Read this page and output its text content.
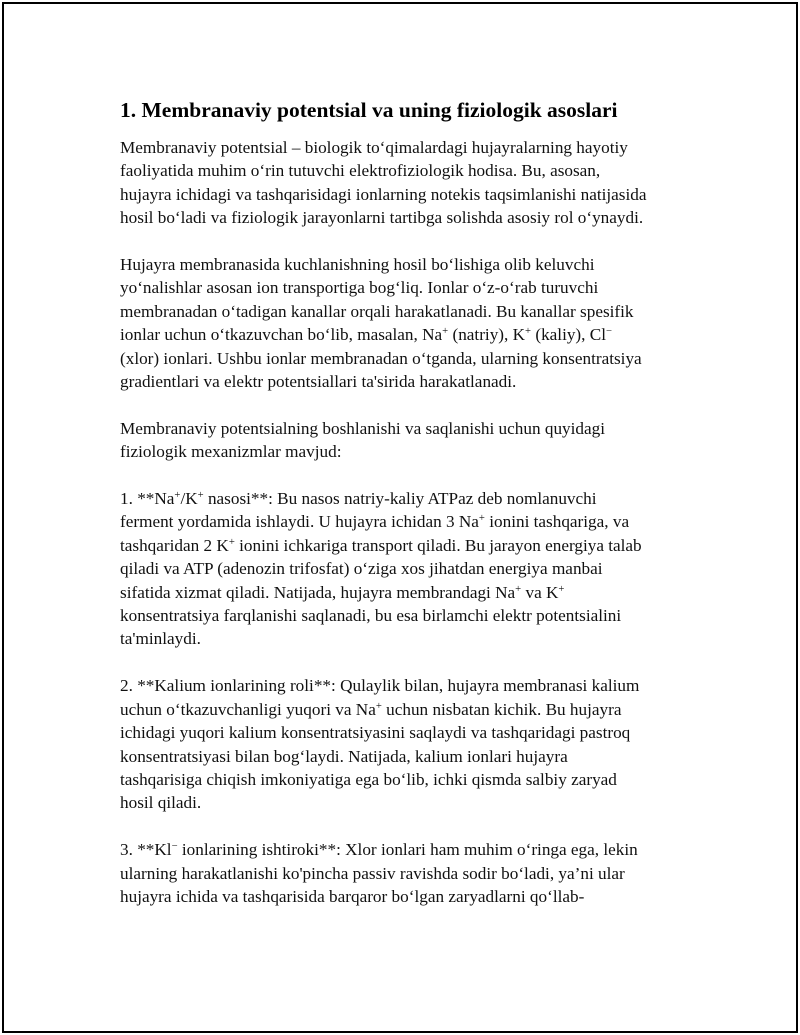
1. Membranaviy potentsial va uning fiziologik asoslari
Membranaviy potentsial – biologik to‘qimalardagi hujayralarning hayotiy
faoliyatida muhim o‘rin tutuvchi elektrofiziologik hodisa. Bu, asosan,
hujayra ichidagi va tashqarisidagi ionlarning notekis taqsimlanishi natijasida
hosil bo‘ladi va fiziologik jarayonlarni tartibga solishda asosiy rol o‘ynaydi.
Hujayra membranasida kuchlanishning hosil bo‘lishiga olib keluvchi
yo‘nalishlar asosan ion transportiga bog‘liq. Ionlar o‘z-o‘rab turuvchi
membranadan o‘tadigan kanallar orqali harakatlanadi. Bu kanallar spesifik
ionlar uchun o‘tkazuvchan bo‘lib, masalan, Na+ (natriy), K+ (kaliy), Cl−
(xlor) ionlari. Ushbu ionlar membranadan o‘tganda, ularning konsentratsiya
gradientlari va elektr potentsiallari ta'sirida harakatlanadi.
Membranaviy potentsialning boshlanishi va saqlanishi uchun quyidagi
fiziologik mexanizmlar mavjud:
1. **Na+/K+ nasosi**: Bu nasos natriy-kaliy ATPaz deb nomlanuvchi
ferment yordamida ishlaydi. U hujayra ichidan 3 Na+ ionini tashqariga, va
tashqaridan 2 K+ ionini ichkariga transport qiladi. Bu jarayon energiya talab
qiladi va ATP (adenozin trifosfat) o‘ziga xos jihatdan energiya manbai
sifatida xizmat qiladi. Natijada, hujayra membrandagi Na+ va K+
konsentratsiya farqlanishi saqlanadi, bu esa birlamchi elektr potentsialini
ta'minlaydi.
2. **Kalium ionlarining roli**: Qulaylik bilan, hujayra membranasi kalium
uchun o‘tkazuvchanligi yuqori va Na+ uchun nisbatan kichik. Bu hujayra
ichidagi yuqori kalium konsentratsiyasini saqlaydi va tashqaridagi pastroq
konsentratsiyasi bilan bog‘laydi. Natijada, kalium ionlari hujayra
tashqarisiga chiqish imkoniyatiga ega bo‘lib, ichki qismda salbiy zaryad
hosil qiladi.
3. **Kl− ionlarining ishtiroki**: Xlor ionlari ham muhim o‘ringa ega, lekin
ularning harakatlanishi ko'pincha passiv ravishda sodir bo‘ladi, ya’ni ular
hujayra ichida va tashqarisida barqaror bo‘lgan zaryadlarni qo‘llab-
